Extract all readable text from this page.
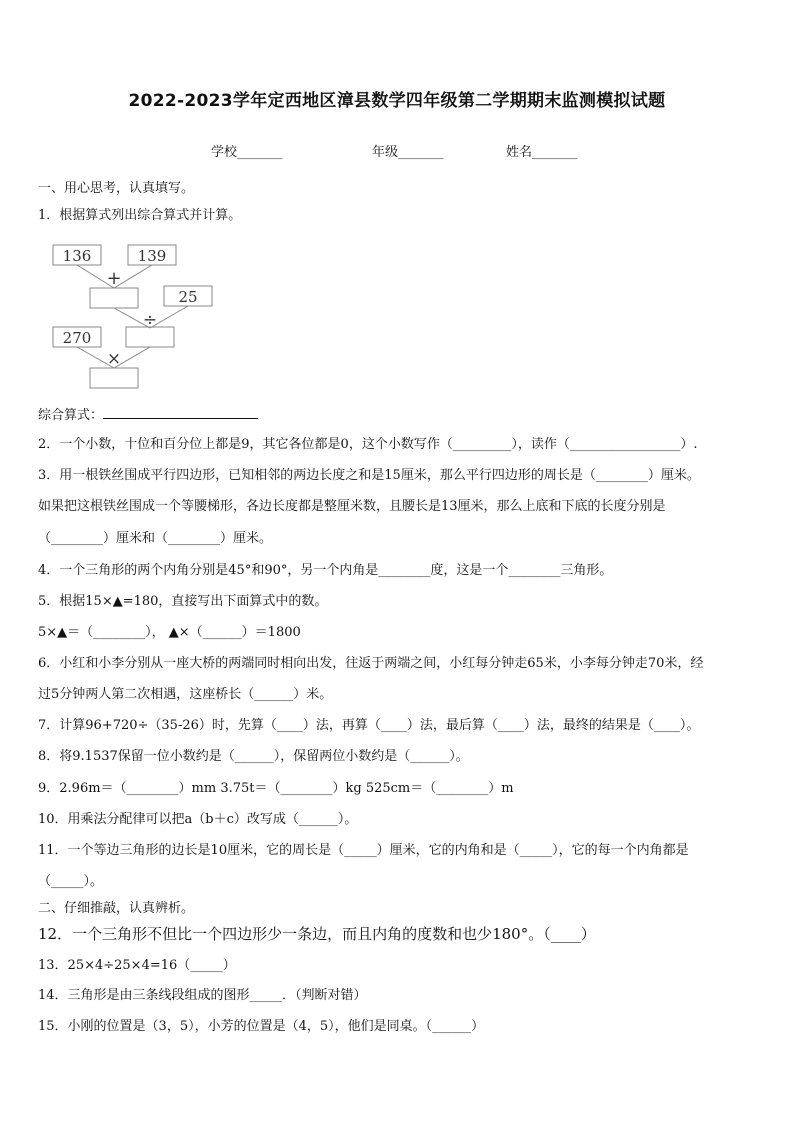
2022-2023学年定西地区漳县数学四年级第二学期期末监测模拟试题
学校_______	年级_______	姓名_______
一、用心思考，认真填写。
1．根据算式列出综合算式并计算。
136	139
25
270
+
÷
×
综合算式：
2．一个小数，十位和百分位上都是9，其它各位都是0，这个小数写作（_________），读作（_________________）.
3．用一根铁丝围成平行四边形，已知相邻的两边长度之和是15厘米，那么平行四边形的周长是（________）厘米。
如果把这根铁丝围成一个等腰梯形，各边长度都是整厘米数，且腰长是13厘米，那么上底和下底的长度分别是
（________）厘米和（________）厘米。
4．一个三角形的两个内角分别是45°和90°，另一个内角是________度，这是一个________三角形。
5．根据15×▲=180，直接写出下面算式中的数。
5×▲＝（________）， ▲×（______）＝1800
6．小红和小李分别从一座大桥的两端同时相向出发，往返于两端之间，小红每分钟走65米，小李每分钟走70米，经
过5分钟两人第二次相遇，这座桥长（______）米。
7．计算96+720÷（35-26）时，先算（____）法，再算（____）法，最后算（____）法，最终的结果是（____）。
8．将9.1537保留一位小数约是（______），保留两位小数约是（______）。
9．2.96m＝（________）mm 3.75t＝（________）kg 525cm＝（________）m
10．用乘法分配律可以把a（b＋c）改写成（______）。
11．一个等边三角形的边长是10厘米，它的周长是（_____）厘米，它的内角和是（_____），它的每一个内角都是
（_____）。
二、仔细推敲，认真辨析。
12．一个三角形不但比一个四边形少一条边，而且内角的度数和也少180°。（____）
13．25×4÷25×4=16（_____）
14．三角形是由三条线段组成的图形_____．（判断对错）
15．小刚的位置是（3，5），小芳的位置是（4，5），他们是同桌。（______）
